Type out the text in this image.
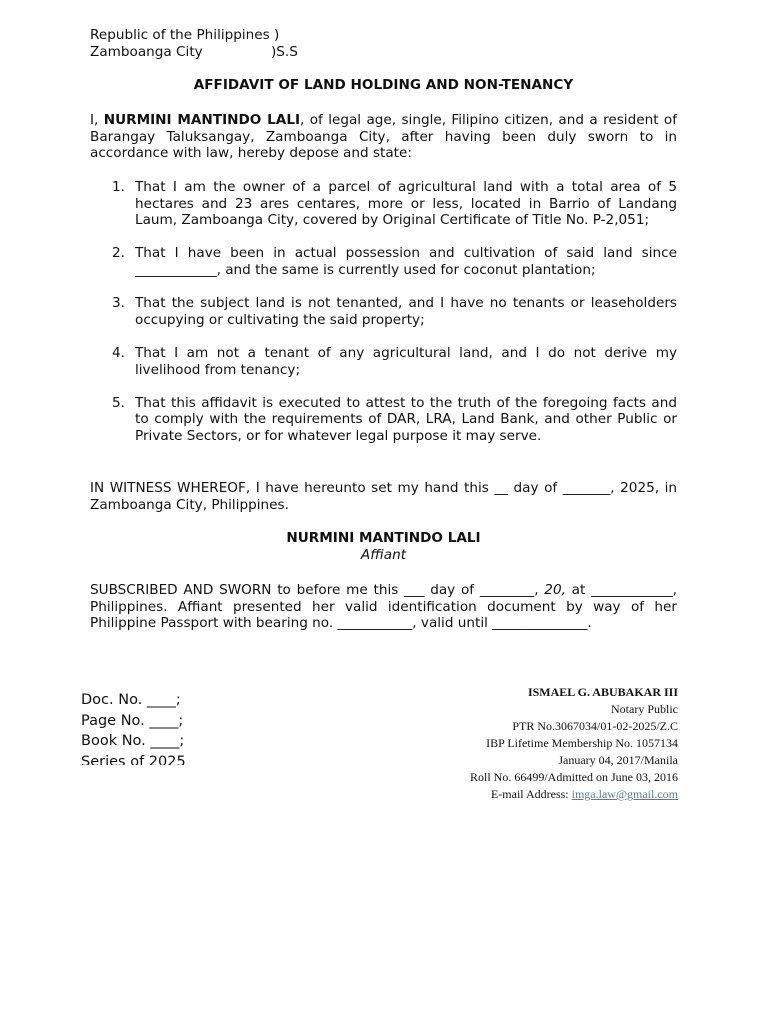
Republic of the Philippines )
Zamboanga City	)S.S
AFFIDAVIT OF LAND HOLDING AND NON-TENANCY
I, NURMINI MANTINDO LALI, of legal age, single, Filipino citizen, and a resident of Barangay Taluksangay, Zamboanga City, after having been duly sworn to in accordance with law, hereby depose and state:
1. That I am the owner of a parcel of agricultural land with a total area of 5 hectares and 23 ares centares, more or less, located in Barrio of Landang Laum, Zamboanga City, covered by Original Certificate of Title No. P-2,051;
2. That I have been in actual possession and cultivation of said land since ____________, and the same is currently used for coconut plantation;
3. That the subject land is not tenanted, and I have no tenants or leaseholders occupying or cultivating the said property;
4. That I am not a tenant of any agricultural land, and I do not derive my livelihood from tenancy;
5. That this affidavit is executed to attest to the truth of the foregoing facts and to comply with the requirements of DAR, LRA, Land Bank, and other Public or Private Sectors, or for whatever legal purpose it may serve.
IN WITNESS WHEREOF, I have hereunto set my hand this __ day of _______, 2025, in Zamboanga City, Philippines.
NURMINI MANTINDO LALI
Affiant
SUBSCRIBED AND SWORN to before me this ___ day of ________, 20, at ____________, Philippines. Affiant presented her valid identification document by way of her Philippine Passport with bearing no. ___________, valid until ______________.
Doc. No. ____;
Page No. ____;
Book No. ____;
Series of 2025
ISMAEL G. ABUBAKAR III
Notary Public
PTR No.3067034/01-02-2025/Z.C
IBP Lifetime Membership No. 1057134
January 04, 2017/Manila
Roll No. 66499/Admitted on June 03, 2016
E-mail Address: imga.law@gmail.com
